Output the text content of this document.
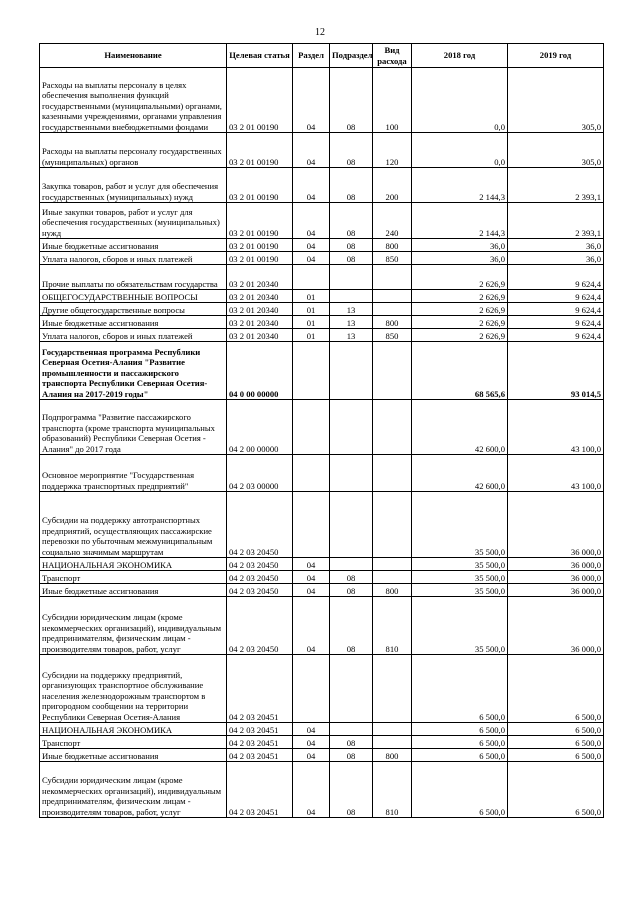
12
Наименование	Целевая статья	Раздел	Подраздел	Вид расхода	2018 год	2019 год
Расходы на выплаты персоналу в целях обеспечения выполнения функций государственными (муниципальными) органами, казенными учреждениями, органами управления государственными внебюджетными фондами	03 2 01 00190	04	08	100	0,0	305,0
Расходы на выплаты персоналу государственных (муниципальных) органов	03 2 01 00190	04	08	120	0,0	305,0
Закупка товаров, работ и услуг для обеспечения государственных (муниципальных) нужд	03 2 01 00190	04	08	200	2 144,3	2 393,1
Иные закупки товаров, работ и услуг для обеспечения государственных (муниципальных) нужд	03 2 01 00190	04	08	240	2 144,3	2 393,1
Иные бюджетные ассигнования	03 2 01 00190	04	08	800	36,0	36,0
Уплата налогов, сборов и иных платежей	03 2 01 00190	04	08	850	36,0	36,0
Прочие выплаты по обязательствам государства	03 2 01 20340				2 626,9	9 624,4
ОБЩЕГОСУДАРСТВЕННЫЕ ВОПРОСЫ	03 2 01 20340	01			2 626,9	9 624,4
Другие общегосударственные вопросы	03 2 01 20340	01	13		2 626,9	9 624,4
Иные бюджетные ассигнования	03 2 01 20340	01	13	800	2 626,9	9 624,4
Уплата налогов, сборов и иных платежей	03 2 01 20340	01	13	850	2 626,9	9 624,4
Государственная программа Республики Северная Осетия-Алания "Развитие промышленности и пассажирского транспорта Республики Северная Осетия-Алания на 2017-2019 годы"	04 0 00 00000				68 565,6	93 014,5
Подпрограмма "Развитие пассажирского транспорта (кроме транспорта муниципальных образований) Республики Северная Осетия - Алания" до 2017 года	04 2 00 00000				42 600,0	43 100,0
Основное мероприятие "Государственная поддержка транспортных предприятий"	04 2 03 00000				42 600,0	43 100,0
Субсидии на поддержку автотранспортных предприятий, осуществляющих пассажирские перевозки по убыточным межмуниципальным социально значимым маршрутам	04 2 03 20450				35 500,0	36 000,0
НАЦИОНАЛЬНАЯ ЭКОНОМИКА	04 2 03 20450	04			35 500,0	36 000,0
Транспорт	04 2 03 20450	04	08		35 500,0	36 000,0
Иные бюджетные ассигнования	04 2 03 20450	04	08	800	35 500,0	36 000,0
Субсидии юридическим лицам (кроме некоммерческих организаций), индивидуальным предпринимателям, физическим лицам - производителям товаров, работ, услуг	04 2 03 20450	04	08	810	35 500,0	36 000,0
Субсидии на поддержку предприятий, организующих транспортное обслуживание населения железнодорожным транспортом в пригородном сообщении на территории Республики Северная Осетия-Алания	04 2 03 20451				6 500,0	6 500,0
НАЦИОНАЛЬНАЯ ЭКОНОМИКА	04 2 03 20451	04			6 500,0	6 500,0
Транспорт	04 2 03 20451	04	08		6 500,0	6 500,0
Иные бюджетные ассигнования	04 2 03 20451	04	08	800	6 500,0	6 500,0
Субсидии юридическим лицам (кроме некоммерческих организаций), индивидуальным предпринимателям, физическим лицам - производителям товаров, работ, услуг	04 2 03 20451	04	08	810	6 500,0	6 500,0
